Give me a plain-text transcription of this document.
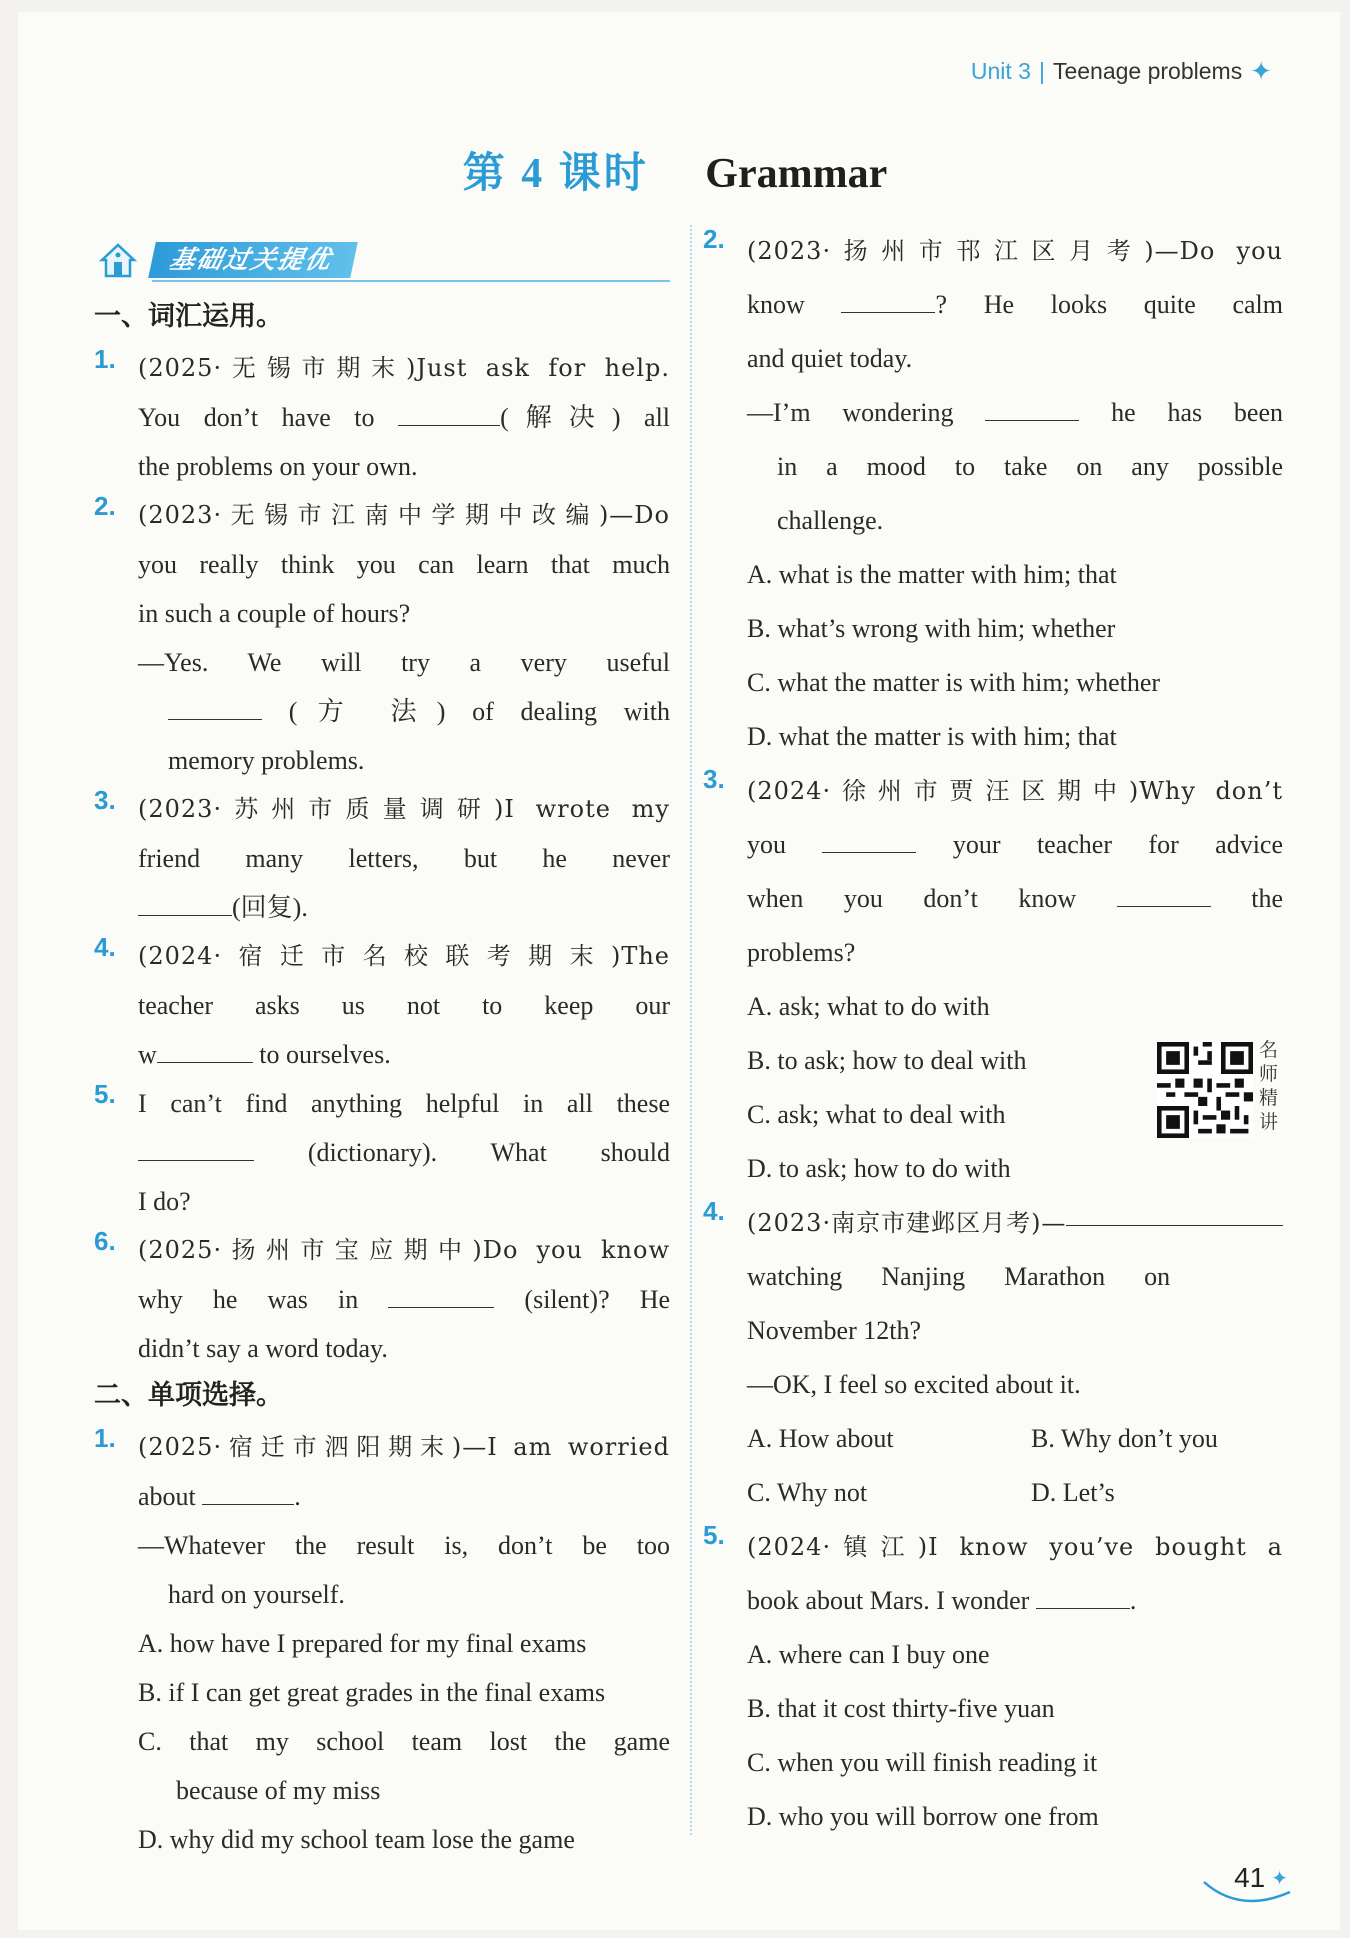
Unit 3 | Teenage problems ✦
第 4 课时 Grammar
基础过关提优
一、词汇运用。
1. (2025·无锡市期末)Just ask for help.
You don’t have to	(解决) all
the problems on your own.
2. (2023·无锡市江南中学期中改编)—Do
you really think you can learn that much
in such a couple of hours?
—Yes. We will try a very useful
(方 法) of dealing with
memory problems.
3. (2023·苏州市质量调研)I wrote my
friend many letters, but he never
(回复).
4. (2024·宿迁市名校联考期末)The
teacher asks us not to keep our
w	to ourselves.
5. I can’t find anything helpful in all these
(dictionary). What should
I do?
6. (2025·扬州市宝应期中)Do you know
why he was in	(silent)? He
didn’t say a word today.
二、单项选择。
1. (2025·宿迁市泗阳期末)—I am worried
about	.
—Whatever the result is, don’t be too
hard on yourself.
A. how have I prepared for my final exams
B. if I can get great grades in the final exams
C. that my school team lost the game
because of my miss
D. why did my school team lose the game
2. (2023·扬州市邗江区月考)—Do you
know	? He looks quite calm
and quiet today.
—I’m wondering	he has been
in a mood to take on any possible
challenge.
A. what is the matter with him; that
B. what’s wrong with him; whether
C. what the matter is with him; whether
D. what the matter is with him; that
3. (2024·徐州市贾汪区期中)Why don’t
you	your teacher for advice
when you don’t know	the
problems?
A. ask; what to do with
B. to ask; how to deal with
C. ask; what to deal with
D. to ask; how to do with
名
师
精
讲
4. (2023·南京市建邺区月考)—
watching      Nanjing      Marathon      on
November 12th?
—OK, I feel so excited about it.
A. How about	B. Why don’t you
C. Why not	D. Let’s
5. (2024·镇江)I know you’ve bought a
book about Mars. I wonder	.
A. where can I buy one
B. that it cost thirty-five yuan
C. when you will finish reading it
D. who you will borrow one from
41 ✦
